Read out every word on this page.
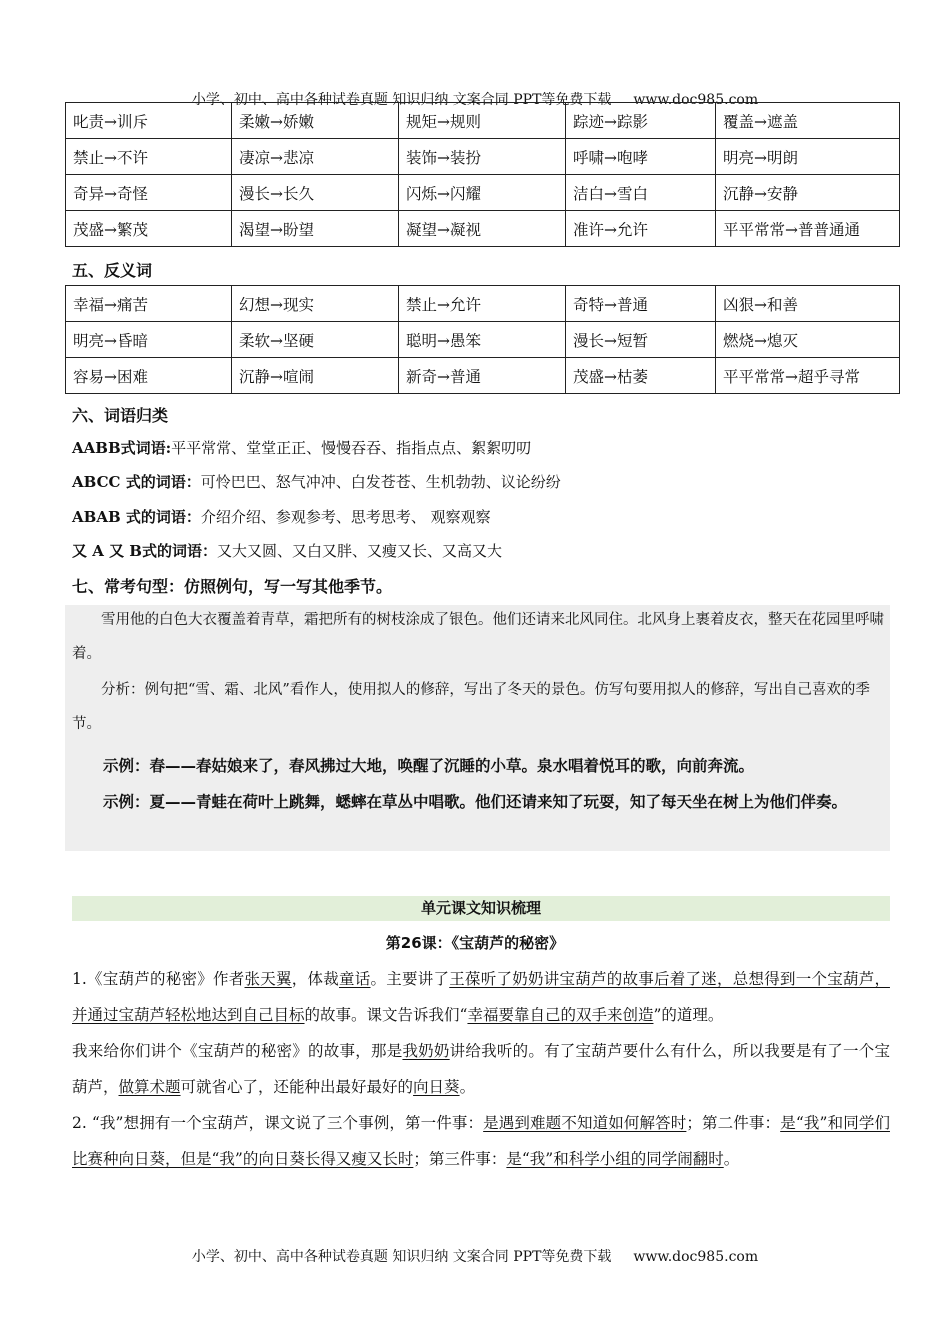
小学、初中、高中各种试卷真题 知识归纳 文案合同 PPT等免费下载 www.doc985.com
叱责→训斥	柔嫩→娇嫩	规矩→规则	踪迹→踪影	覆盖→遮盖
禁止→不许	凄凉→悲凉	装饰→装扮	呼啸→咆哮	明亮→明朗
奇异→奇怪	漫长→长久	闪烁→闪耀	洁白→雪白	沉静→安静
茂盛→繁茂	渴望→盼望	凝望→凝视	准许→允许	平平常常→普普通通
五、反义词
幸福→痛苦	幻想→现实	禁止→允许	奇特→普通	凶狠→和善
明亮→昏暗	柔软→坚硬	聪明→愚笨	漫长→短暂	燃烧→熄灭
容易→困难	沉静→喧闹	新奇→普通	茂盛→枯萎	平平常常→超乎寻常
六、词语归类
AABB式词语:平平常常、堂堂正正、慢慢吞吞、指指点点、絮絮叨叨
ABCC 式的词语：可怜巴巴、怒气冲冲、白发苍苍、生机勃勃、议论纷纷
ABAB 式的词语：介绍介绍、参观参考、思考思考、 观察观察
又 A 又 B式的词语：又大又圆、又白又胖、又瘦又长、又高又大
七、常考句型：仿照例句，写一写其他季节。
雪用他的白色大衣覆盖着青草，霜把所有的树枝涂成了银色。他们还请来北风同住。北风身上裹着皮衣，整天在花园里呼啸着。
分析：例句把“雪、霜、北风”看作人，使用拟人的修辞，写出了冬天的景色。仿写句要用拟人的修辞，写出自己喜欢的季节。
示例：春——春姑娘来了，春风拂过大地，唤醒了沉睡的小草。泉水唱着悦耳的歌，向前奔流。
示例：夏——青蛙在荷叶上跳舞，蟋蟀在草丛中唱歌。他们还请来知了玩耍，知了每天坐在树上为他们伴奏。
单元课文知识梳理
第26课：《宝葫芦的秘密》
1.《宝葫芦的秘密》作者张天翼，体裁童话。主要讲了王葆听了奶奶讲宝葫芦的故事后着了迷，总想得到一个宝葫芦，并通过宝葫芦轻松地达到自己目标的故事。课文告诉我们“幸福要靠自己的双手来创造”的道理。
我来给你们讲个《宝葫芦的秘密》的故事，那是我奶奶讲给我听的。有了宝葫芦要什么有什么，所以我要是有了一个宝葫芦，做算术题可就省心了，还能种出最好最好的向日葵。
2. “我”想拥有一个宝葫芦，课文说了三个事例，第一件事：是遇到难题不知道如何解答时；第二件事：是“我”和同学们比赛种向日葵，但是“我”的向日葵长得又瘦又长时；第三件事：是“我”和科学小组的同学闹翻时。
小学、初中、高中各种试卷真题 知识归纳 文案合同 PPT等免费下载 www.doc985.com
